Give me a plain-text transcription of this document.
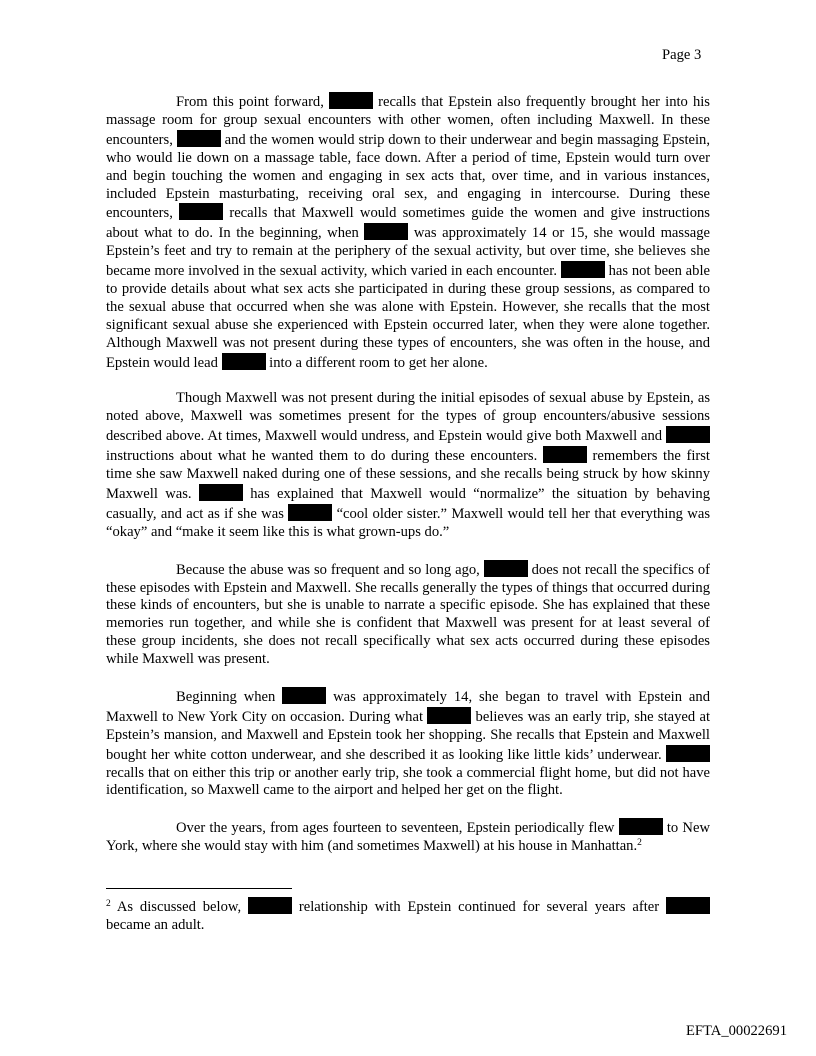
Page 3

From this point forward,	recalls that Epstein also frequently brought her into his massage room for group sexual encounters with other women, often including Maxwell. In these encounters,	and the women would strip down to their underwear and begin massaging Epstein, who would lie down on a massage table, face down. After a period of time, Epstein would turn over and begin touching the women and engaging in sex acts that, over time, and in various instances, included Epstein masturbating, receiving oral sex, and engaging in intercourse. During these encounters,	recalls that Maxwell would sometimes guide the women and give instructions about what to do. In the beginning, when	was approximately 14 or 15, she would massage Epstein’s feet and try to remain at the periphery of the sexual activity, but over time, she believes she became more involved in the sexual activity, which varied in each encounter.	has not been able to provide details about what sex acts she participated in during these group sessions, as compared to the sexual abuse that occurred when she was alone with Epstein. However, she recalls that the most significant sexual abuse she experienced with Epstein occurred later, when they were alone together. Although Maxwell was not present during these types of encounters, she was often in the house, and Epstein would lead	into a different room to get her alone.

Though Maxwell was not present during the initial episodes of sexual abuse by Epstein, as noted above, Maxwell was sometimes present for the types of group encounters/abusive sessions described above. At times, Maxwell would undress, and Epstein would give both Maxwell and  instructions about what he wanted them to do during these encounters.	remembers the first time she saw Maxwell naked during one of these sessions, and she recalls being struck by how skinny Maxwell was.	has explained that Maxwell would “normalize” the situation by behaving casually, and act as if she was	“cool older sister.” Maxwell would tell her that everything was “okay” and “make it seem like this is what grown-ups do.”

Because the abuse was so frequent and so long ago,	does not recall the specifics of these episodes with Epstein and Maxwell. She recalls generally the types of things that occurred during these kinds of encounters, but she is unable to narrate a specific episode. She has explained that these memories run together, and while she is confident that Maxwell was present for at least several of these group incidents, she does not recall specifically what sex acts occurred during these episodes while Maxwell was present.

Beginning when	was approximately 14, she began to travel with Epstein and Maxwell to New York City on occasion. During what	believes was an early trip, she stayed at Epstein’s mansion, and Maxwell and Epstein took her shopping. She recalls that Epstein and Maxwell bought her white cotton underwear, and she described it as looking like little kids’ underwear.  recalls that on either this trip or another early trip, she took a commercial flight home, but did not have identification, so Maxwell came to the airport and helped her get on the flight.

Over the years, from ages fourteen to seventeen, Epstein periodically flew	to New York, where she would stay with him (and sometimes Maxwell) at his house in Manhattan.$^2$

$^2$ As discussed below,	relationship with Epstein continued for several years after  became an adult.
EFTA_00022691
